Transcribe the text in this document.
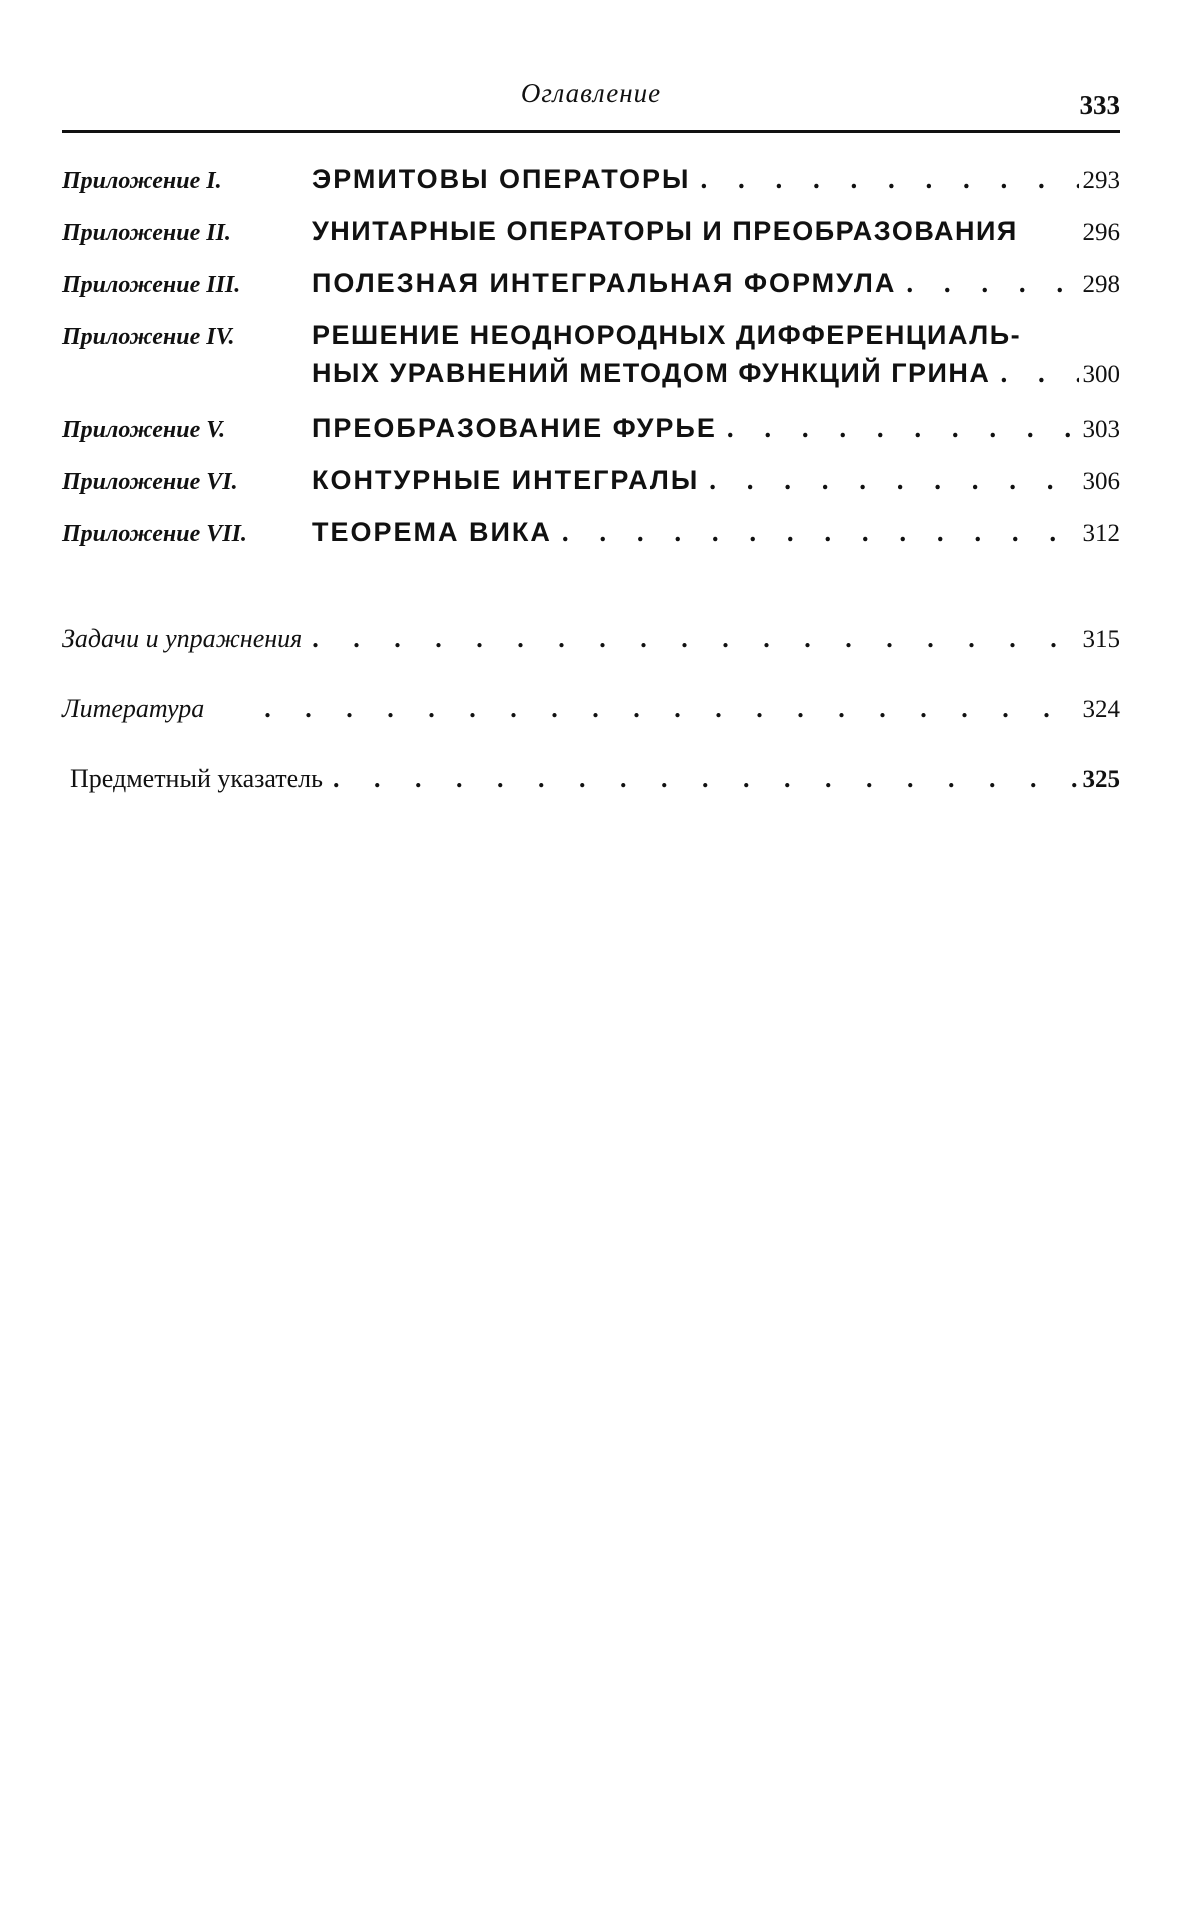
Оглавление	333
Приложение I.	ЭРМИТОВЫ ОПЕРАТОРЫ . . .	293
Приложение II.	УНИТАРНЫЕ ОПЕРАТОРЫ И ПРЕОБРАЗОВАНИЯ	296
Приложение III.	ПОЛЕЗНАЯ ИНТЕГРАЛЬНАЯ ФОРМУЛА . . .	298
Приложение IV.	РЕШЕНИЕ НЕОДНОРОДНЫХ ДИФФЕРЕНЦИАЛЬ-
НЫХ УРАВНЕНИЙ МЕТОДОМ ФУНКЦИЙ ГРИНА . . .	300
Приложение V.	ПРЕОБРАЗОВАНИЕ ФУРЬЕ . . .	303
Приложение VI.	КОНТУРНЫЕ ИНТЕГРАЛЫ . . .	306
Приложение VII.	ТЕОРЕМА ВИКА . . .	312
Задачи и упражнения . . .	315
Литература . . .	324
Предметный указатель . . .	325
